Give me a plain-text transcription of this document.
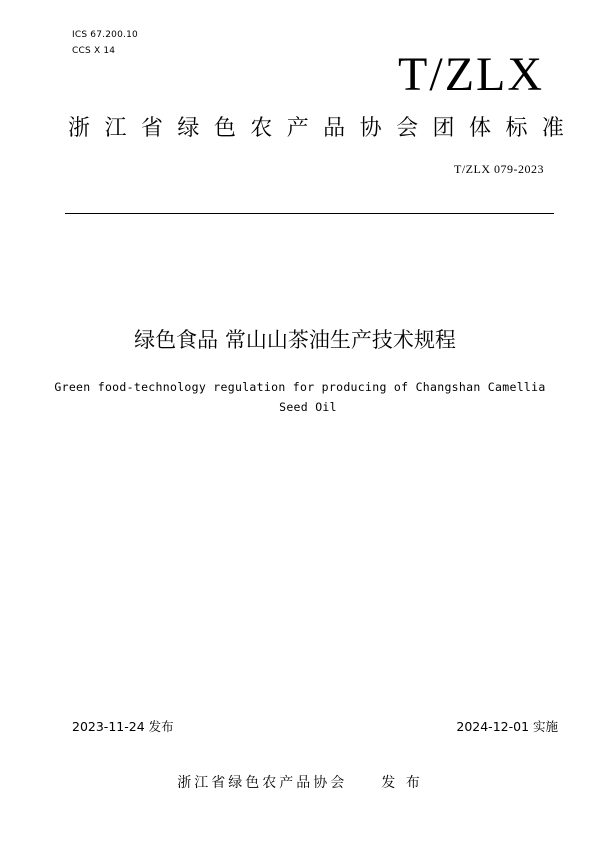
ICS 67.200.10
CCS X 14	T/ZLX
浙 江 省 绿 色 农 产 品 协 会 团 体 标 准
T/ZLX 079-2023
绿色食品 常山山茶油生产技术规程
Green food-technology regulation for producing of Changshan Camellia
Seed Oil
2023-11-24 发布	2024-12-01 实施
浙江省绿色农产品协会 发 布
